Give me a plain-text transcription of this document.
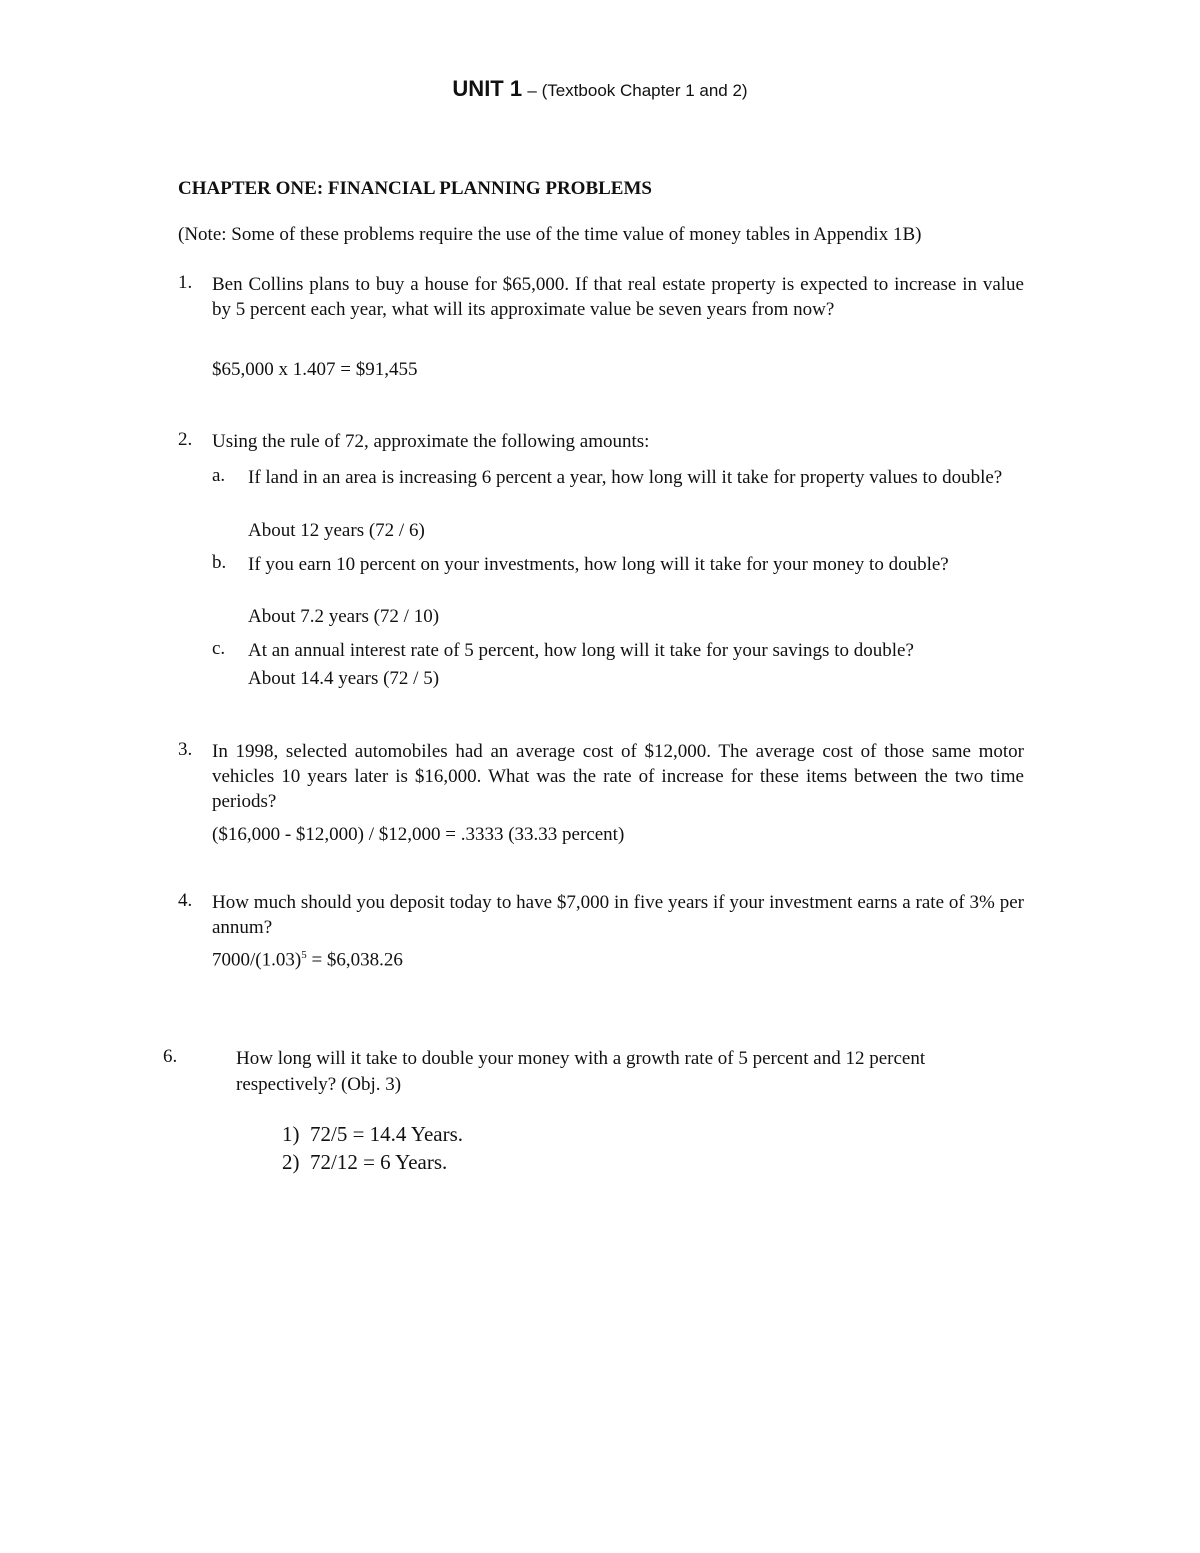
UNIT 1 – (Textbook Chapter 1 and 2)
CHAPTER ONE: FINANCIAL PLANNING PROBLEMS
(Note: Some of these problems require the use of the time value of money tables in Appendix 1B)
1. Ben Collins plans to buy a house for $65,000. If that real estate property is expected to increase in value by 5 percent each year, what will its approximate value be seven years from now?
$65,000 x 1.407 = $91,455
2. Using the rule of 72, approximate the following amounts:
a. If land in an area is increasing 6 percent a year, how long will it take for property values to double?
About 12 years (72 / 6)
b. If you earn 10 percent on your investments, how long will it take for your money to double?
About 7.2 years (72 / 10)
c. At an annual interest rate of 5 percent, how long will it take for your savings to double?
About 14.4 years (72 / 5)
3. In 1998, selected automobiles had an average cost of $12,000. The average cost of those same motor vehicles 10 years later is $16,000. What was the rate of increase for these items between the two time periods?
($16,000 - $12,000) / $12,000 = .3333 (33.33 percent)
4. How much should you deposit today to have $7,000 in five years if your investment earns a rate of 3% per annum?
$7000/(1.03)^5$ = $6,038.26
6.	How long will it take to double your money with a growth rate of 5 percent and 12 percent respectively? (Obj. 3)
1) 72/5 = 14.4 Years.
2) 72/12 = 6 Years.
